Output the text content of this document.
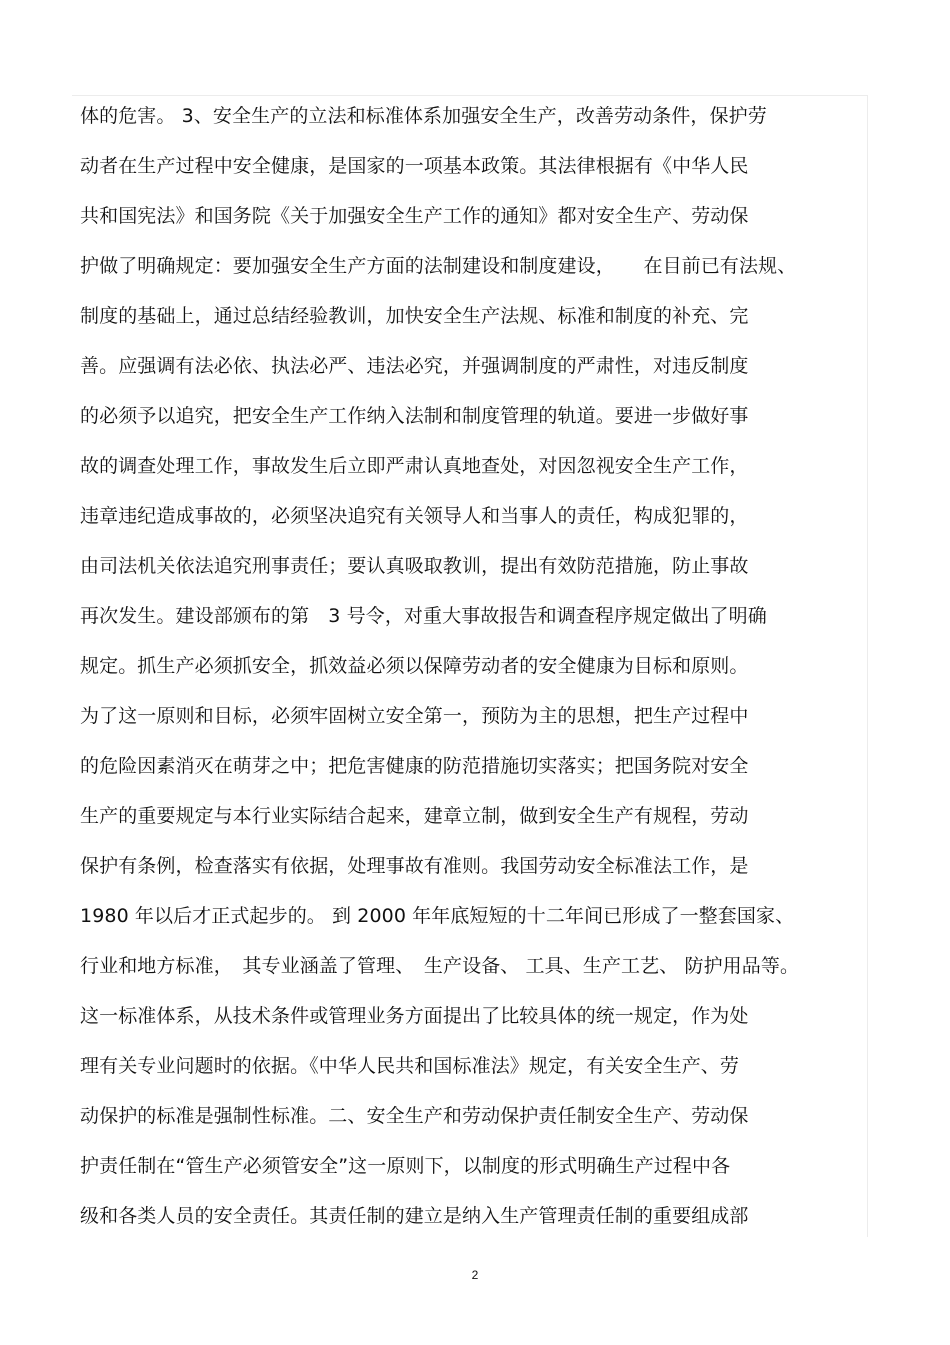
体的危害。 3、安全生产的立法和标准体系加强安全生产，改善劳动条件，保护劳
动者在生产过程中安全健康，是国家的一项基本政策。其法律根据有《中华人民
共和国宪法》和国务院《关于加强安全生产工作的通知》都对安全生产、劳动保
护做了明确规定：要加强安全生产方面的法制建设和制度建设，　　在目前已有法规、
制度的基础上，通过总结经验教训，加快安全生产法规、标准和制度的补充、完
善。应强调有法必依、执法必严、违法必究，并强调制度的严肃性，对违反制度
的必须予以追究，把安全生产工作纳入法制和制度管理的轨道。要进一步做好事
故的调查处理工作，事故发生后立即严肃认真地查处，对因忽视安全生产工作，
违章违纪造成事故的，必须坚决追究有关领导人和当事人的责任，构成犯罪的，
由司法机关依法追究刑事责任；要认真吸取教训，提出有效防范措施，防止事故
再次发生。建设部颁布的第　3 号令，对重大事故报告和调查程序规定做出了明确
规定。抓生产必须抓安全，抓效益必须以保障劳动者的安全健康为目标和原则。
为了这一原则和目标，必须牢固树立安全第一，预防为主的思想，把生产过程中
的危险因素消灭在萌芽之中；把危害健康的防范措施切实落实；把国务院对安全
生产的重要规定与本行业实际结合起来，建章立制，做到安全生产有规程，劳动
保护有条例，检查落实有依据，处理事故有准则。我国劳动安全标准法工作，是
1980 年以后才正式起步的。 到 2000 年年底短短的十二年间已形成了一整套国家、
行业和地方标准，　其专业涵盖了管理、　生产设备、 工具、生产工艺、 防护用品等。
这一标准体系，从技术条件或管理业务方面提出了比较具体的统一规定，作为处
理有关专业问题时的依据。《中华人民共和国标准法》规定，有关安全生产、劳
动保护的标准是强制性标准。二、安全生产和劳动保护责任制安全生产、劳动保
护责任制在“管生产必须管安全”这一原则下，以制度的形式明确生产过程中各
级和各类人员的安全责任。其责任制的建立是纳入生产管理责任制的重要组成部
2
